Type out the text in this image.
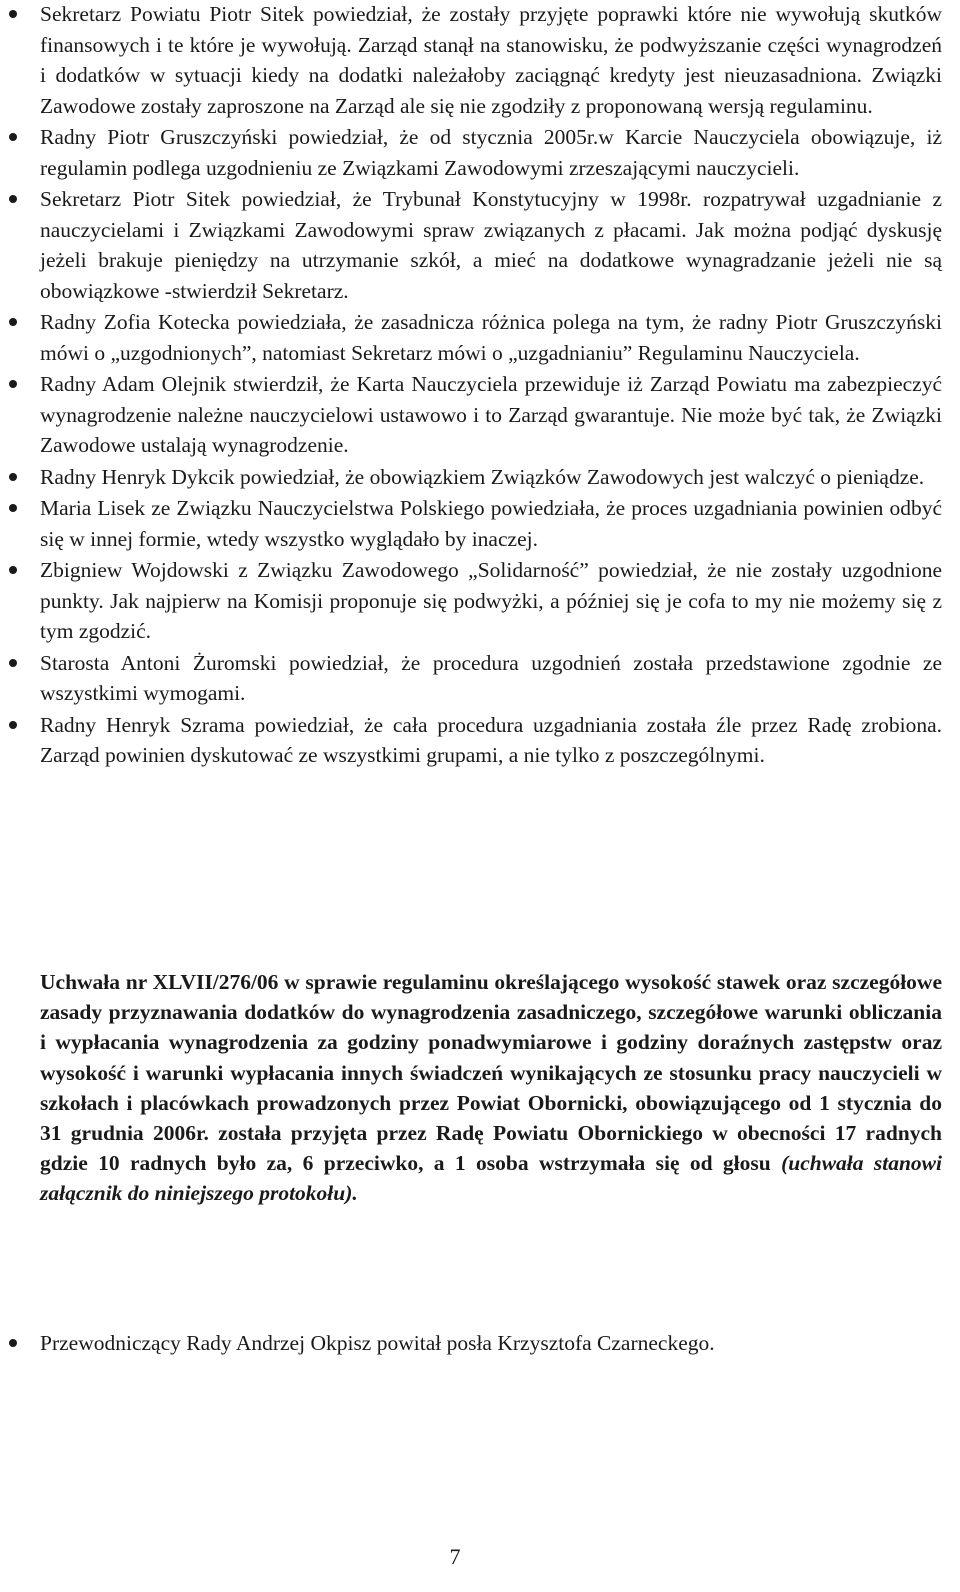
Sekretarz Powiatu Piotr Sitek powiedział, że zostały przyjęte poprawki które nie wywołują skutków finansowych i te które je wywołują. Zarząd stanął na stanowisku, że podwyższanie części wynagrodzeń i dodatków w sytuacji kiedy na dodatki należałoby zaciągnąć kredyty jest nieuzasadniona. Związki Zawodowe zostały zaproszone na Zarząd ale się nie zgodziły z proponowaną wersją regulaminu.
Radny Piotr Gruszczyński powiedział, że od stycznia 2005r.w Karcie Nauczyciela obowiązuje, iż regulamin podlega uzgodnieniu ze Związkami Zawodowymi zrzeszającymi nauczycieli.
Sekretarz Piotr Sitek powiedział, że Trybunał Konstytucyjny w 1998r. rozpatrywał uzgadnianie z nauczycielami i Związkami Zawodowymi spraw związanych z płacami. Jak można podjąć dyskusję jeżeli brakuje pieniędzy na utrzymanie szkół, a mieć na dodatkowe wynagradzanie jeżeli nie są obowiązkowe -stwierdził Sekretarz.
Radny Zofia Kotecka powiedziała, że zasadnicza różnica polega na tym, że radny Piotr Gruszczyński mówi o „uzgodnionych”, natomiast Sekretarz mówi o „uzgadnianiu” Regulaminu Nauczyciela.
Radny Adam Olejnik stwierdził, że Karta Nauczyciela przewiduje iż Zarząd Powiatu ma zabezpieczyć wynagrodzenie należne nauczycielowi ustawowo i to Zarząd gwarantuje. Nie może być tak, że Związki Zawodowe ustalają wynagrodzenie.
Radny Henryk Dykcik powiedział, że obowiązkiem Związków Zawodowych jest walczyć o pieniądze.
Maria Lisek ze Związku Nauczycielstwa Polskiego powiedziała, że proces uzgadniania powinien odbyć się w innej formie, wtedy wszystko wyglądało by inaczej.
Zbigniew Wojdowski z Związku Zawodowego „Solidarność” powiedział, że nie zostały uzgodnione punkty. Jak najpierw na Komisji proponuje się podwyżki, a później się je cofa to my nie możemy się z tym zgodzić.
Starosta Antoni Żuromski powiedział, że procedura uzgodnień została przedstawione zgodnie ze wszystkimi wymogami.
Radny Henryk Szrama powiedział, że cała procedura uzgadniania została źle przez Radę zrobiona. Zarząd powinien dyskutować ze wszystkimi grupami, a nie tylko z poszczególnymi.

Uchwała nr XLVII/276/06 w sprawie regulaminu określającego wysokość stawek oraz szczegółowe zasady przyznawania dodatków do wynagrodzenia zasadniczego, szczegółowe warunki obliczania i wypłacania wynagrodzenia za godziny ponadwymiarowe i godziny doraźnych zastępstw oraz wysokość i warunki wypłacania innych świadczeń wynikających ze stosunku pracy nauczycieli w szkołach i placówkach prowadzonych przez Powiat Obornicki, obowiązującego od 1 stycznia do 31 grudnia 2006r. została przyjęta przez Radę Powiatu Obornickiego w obecności 17 radnych gdzie 10 radnych było za, 6 przeciwko, a 1 osoba wstrzymała się od głosu (uchwała stanowi załącznik do niniejszego protokołu).

Przewodniczący Rady Andrzej Okpisz powitał posła Krzysztofa Czarneckego.
7
